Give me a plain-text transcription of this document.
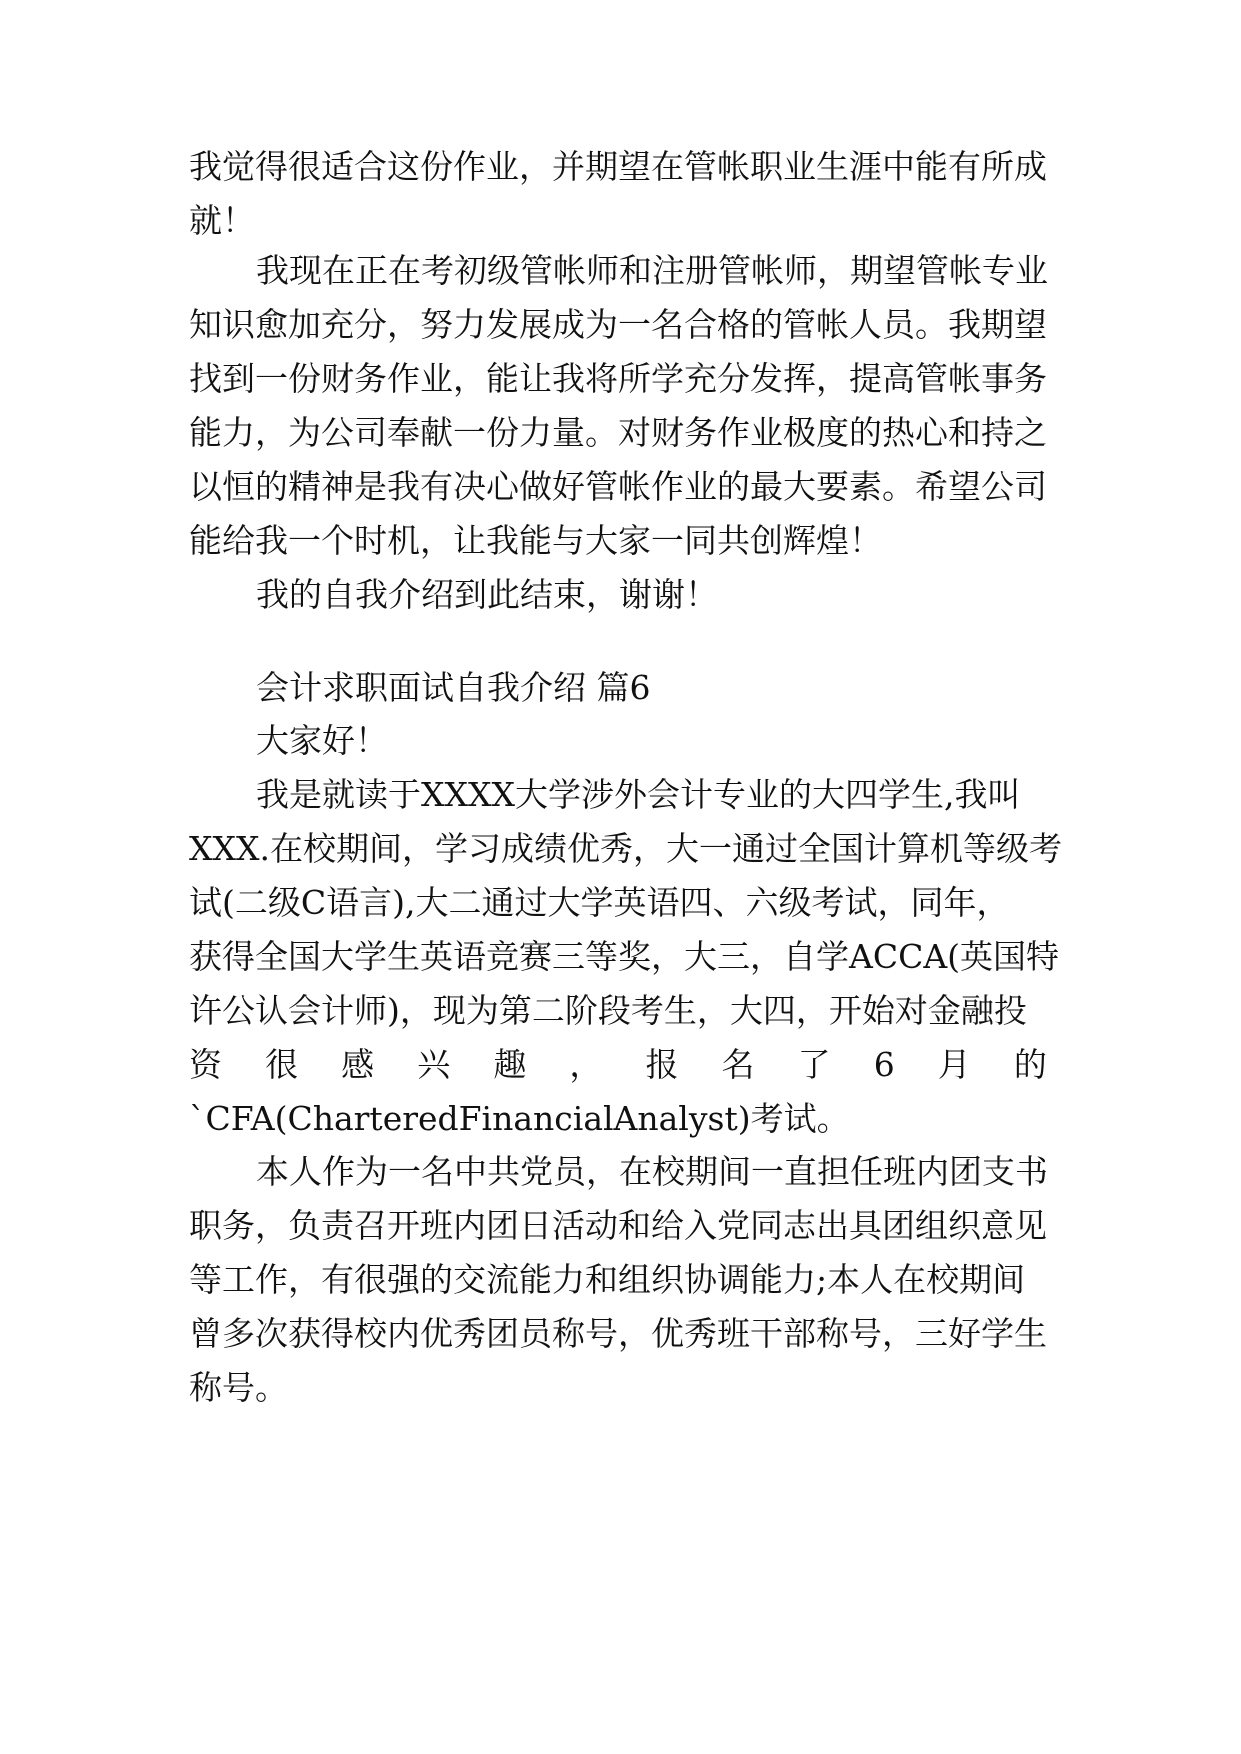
我觉得很适合这份作业，并期望在管帐职业生涯中能有所成
就！
我现在正在考初级管帐师和注册管帐师，期望管帐专业
知识愈加充分，努力发展成为一名合格的管帐人员。我期望
找到一份财务作业，能让我将所学充分发挥，提高管帐事务
能力，为公司奉献一份力量。对财务作业极度的热心和持之
以恒的精神是我有决心做好管帐作业的最大要素。希望公司
能给我一个时机，让我能与大家一同共创辉煌！
我的自我介绍到此结束，谢谢！
会计求职面试自我介绍 篇6
大家好！
我是就读于XXXX大学涉外会计专业的大四学生,我叫
XXX.在校期间，学习成绩优秀，大一通过全国计算机等级考
试(二级C语言),大二通过大学英语四、六级考试，同年，
获得全国大学生英语竞赛三等奖，大三，自学ACCA(英国特
许公认会计师)，现为第二阶段考生，大四，开始对金融投
资 很 感 兴 趣 ， 报 名 了 6 月 的
`CFA(CharteredFinancialAnalyst)考试。
本人作为一名中共党员，在校期间一直担任班内团支书
职务，负责召开班内团日活动和给入党同志出具团组织意见
等工作，有很强的交流能力和组织协调能力;本人在校期间
曾多次获得校内优秀团员称号，优秀班干部称号，三好学生
称号。
